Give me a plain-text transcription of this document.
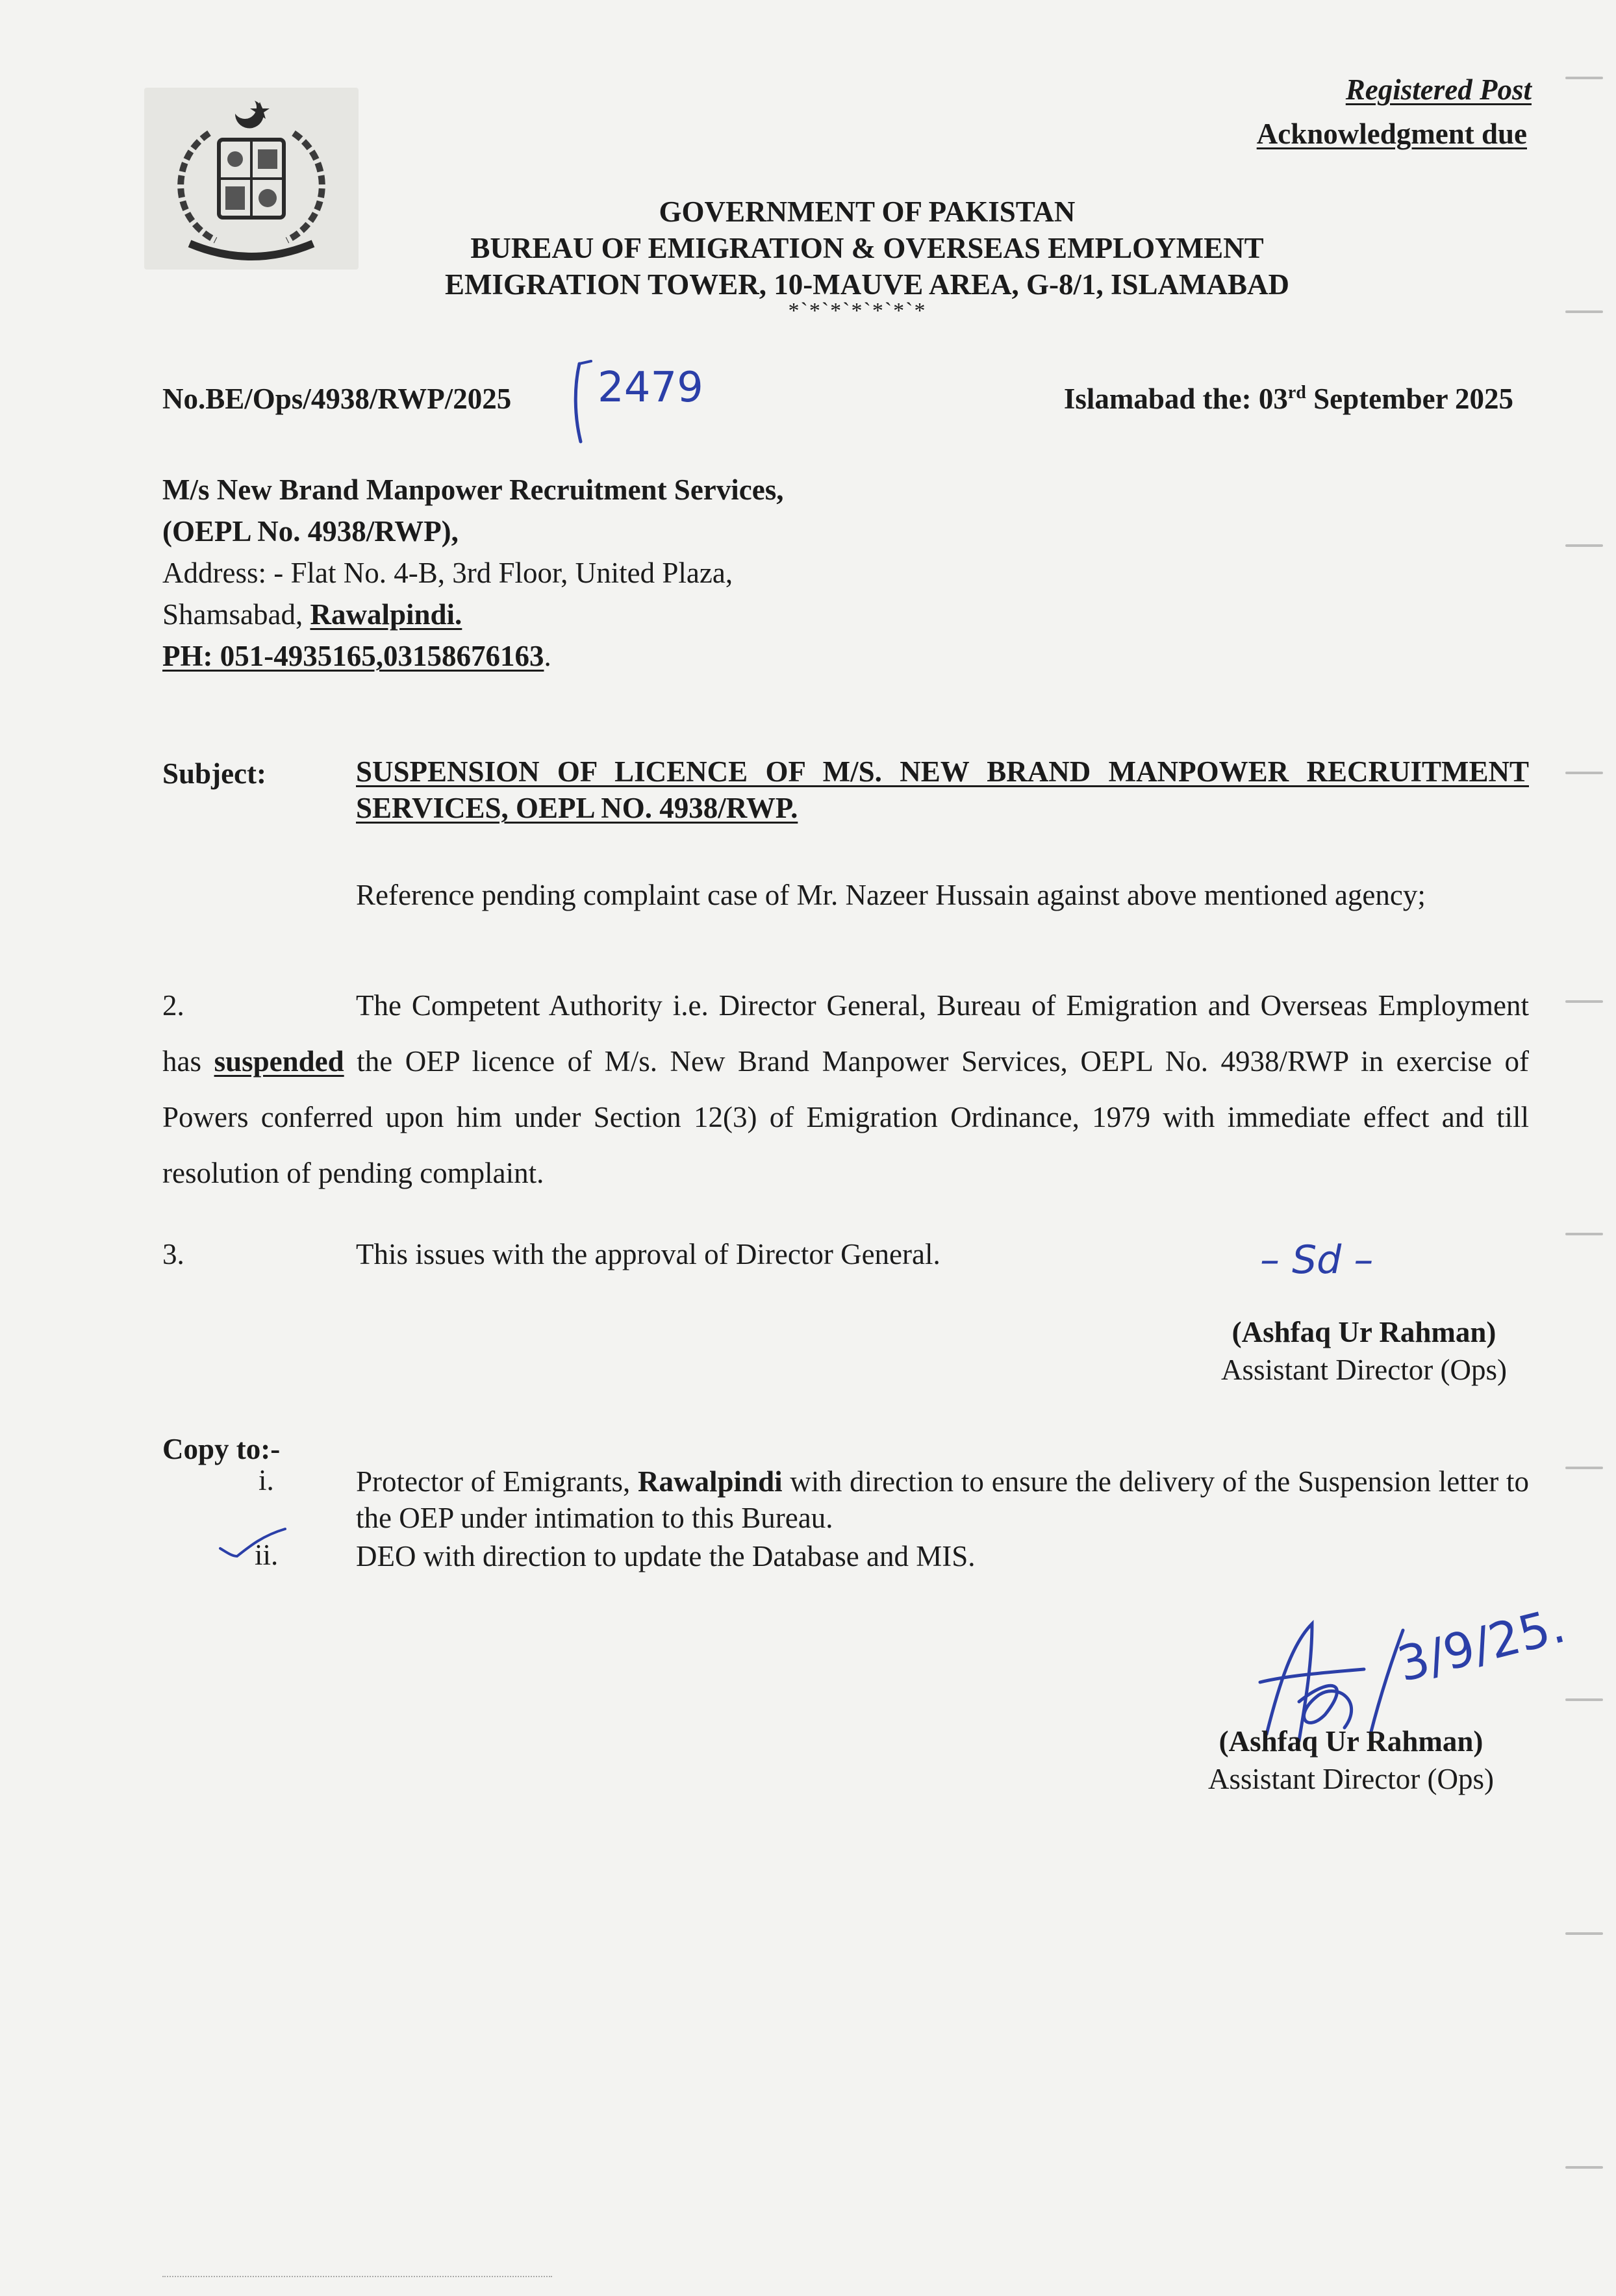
Registered Post
Acknowledgment due
GOVERNMENT OF PAKISTAN
BUREAU OF EMIGRATION & OVERSEAS EMPLOYMENT
EMIGRATION TOWER, 10-MAUVE AREA, G-8/1, ISLAMABAD
*`*`*`*`*`*`*
No.BE/Ops/4938/RWP/2025 2479	Islamabad the: 03rd September 2025
M/s New Brand Manpower Recruitment Services,
(OEPL No. 4938/RWP),
Address: - Flat No. 4-B, 3rd Floor, United Plaza,
Shamsabad, Rawalpindi.
PH: 051-4935165,03158676163.
Subject:	SUSPENSION OF LICENCE OF M/S. NEW BRAND MANPOWER RECRUITMENT SERVICES, OEPL NO. 4938/RWP.
Reference pending complaint case of Mr. Nazeer Hussain against above mentioned agency;
2.	The Competent Authority i.e. Director General, Bureau of Emigration and Overseas Employment has suspended the OEP licence of M/s. New Brand Manpower Services, OEPL No. 4938/RWP in exercise of Powers conferred upon him under Section 12(3) of Emigration Ordinance, 1979 with immediate effect and till resolution of pending complaint.
3.	This issues with the approval of Director General.	– Sd –
(Ashfaq Ur Rahman)
Assistant Director (Ops)
Copy to:-
i.	Protector of Emigrants, Rawalpindi with direction to ensure the delivery of the Suspension letter to the OEP under intimation to this Bureau.
ii.	DEO with direction to update the Database and MIS.
3/9/25.
(Ashfaq Ur Rahman)
Assistant Director (Ops)
